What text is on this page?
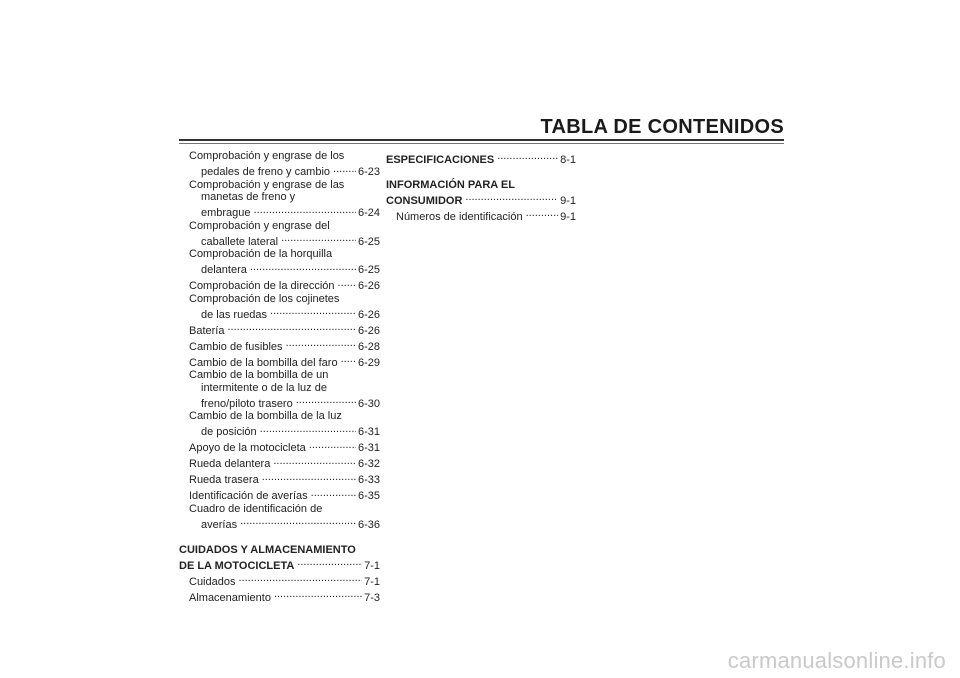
TABLA DE CONTENIDOS
Comprobación y engrase de los
pedales de freno y cambio .....	6-23
Comprobación y engrase de las
manetas de freno y
embrague .....	6-24
Comprobación y engrase del
caballete lateral .....	6-25
Comprobación de la horquilla
delantera .....	6-25
Comprobación de la dirección ..... 6-26
Comprobación de los cojinetes
de las ruedas .....	6-26
Batería .....	6-26
Cambio de fusibles .....	6-28
Cambio de la bombilla del faro ..... 6-29
Cambio de la bombilla de un
intermitente o de la luz de
freno/piloto trasero .....	6-30
Cambio de la bombilla de la luz
de posición .....	6-31
Apoyo de la motocicleta .....	6-31
Rueda delantera .....	6-32
Rueda trasera .....	6-33
Identificación de averías .....	6-35
Cuadro de identificación de
averías .....	6-36
CUIDADOS Y ALMACENAMIENTO
DE LA MOTOCICLETA .....	7-1
Cuidados .....	7-1
Almacenamiento .....	7-3
ESPECIFICACIONES .....	8-1
INFORMACIÓN PARA EL
CONSUMIDOR .....	9-1
Números de identificación .....	9-1
carmanualsonline.info
